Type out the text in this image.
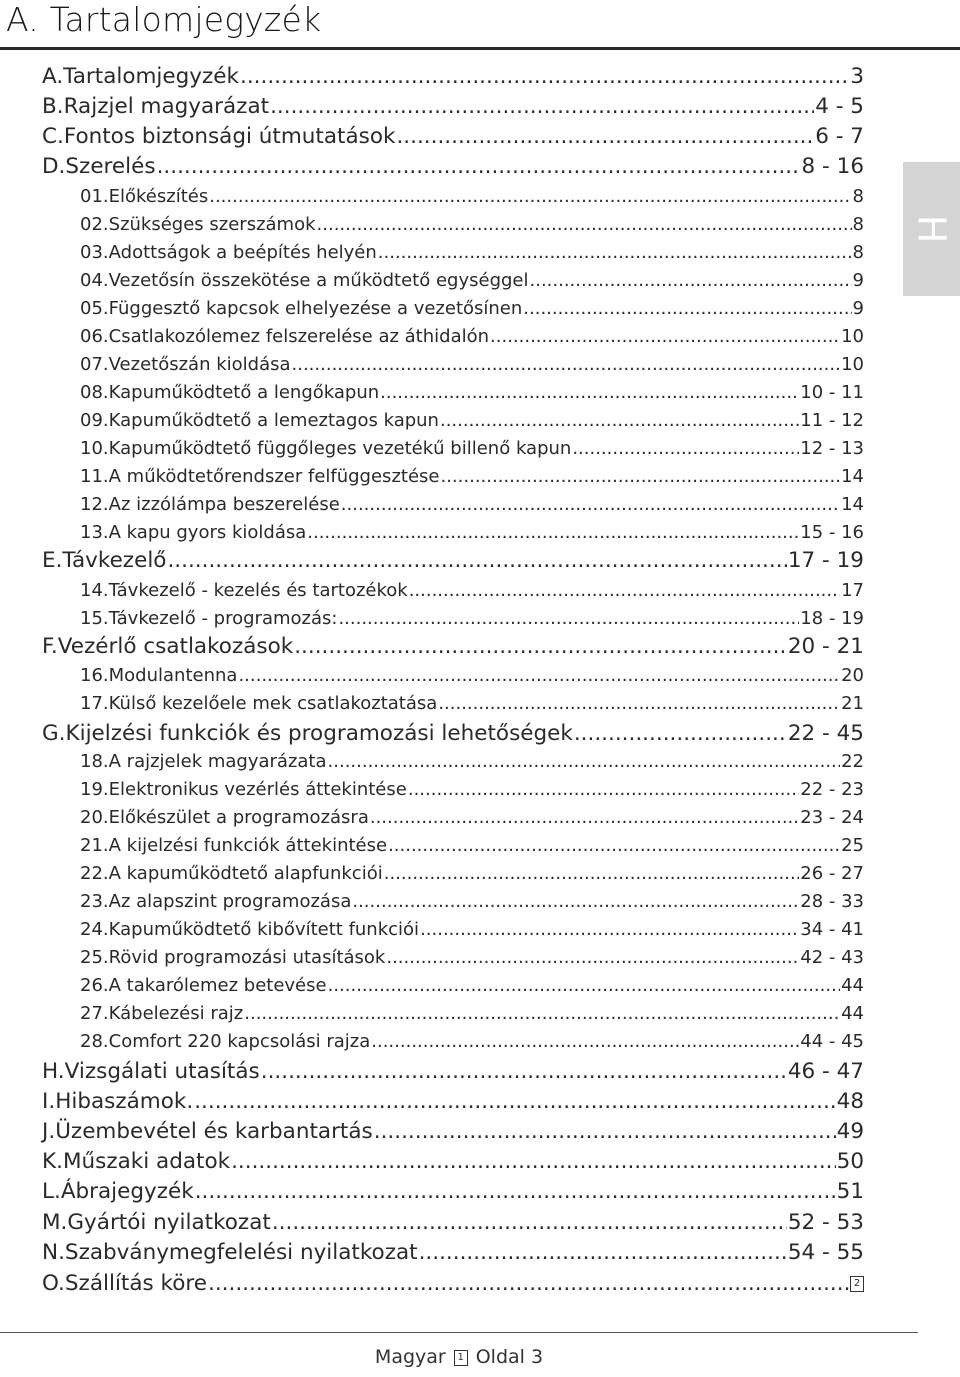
A. Tartalomjegyzék
H
A. Tartalomjegyzék .....	3
B. Rajzjel magyarázat .....	4 - 5
C. Fontos biztonsági útmutatások .....	6 - 7
D. Szerelés .....	8 - 16
01. Előkészítés .....	8
02. Szükséges szerszámok .....	8
03. Adottságok a beépítés helyén .....	8
04. Vezetősín összekötése a működtető egységgel .....	9
05. Függesztő kapcsok elhelyezése a vezetősínen .....	9
06. Csatlakozólemez felszerelése az áthidalón .....	10
07. Vezetőszán kioldása .....	10
08. Kapuműködtető a lengőkapun .....	10 - 11
09. Kapuműködtető a lemeztagos kapun .....	11 - 12
10. Kapuműködtető függőleges vezetékű billenő kapun .....	12 - 13
11. A működtetőrendszer felfüggesztése .....	14
12. Az izzólámpa beszerelése .....	14
13. A kapu gyors kioldása .....	15 - 16
E. Távkezelő .....	17 - 19
14. Távkezelő - kezelés és tartozékok .....	17
15. Távkezelő - programozás: .....	18 - 19
F. Vezérlő csatlakozások .....	20 - 21
16. Modulantenna .....	20
17. Külső kezelőele mek csatlakoztatása .....	21
G. Kijelzési funkciók és programozási lehetőségek .....	22 - 45
18. A rajzjelek magyarázata .....	22
19. Elektronikus vezérlés áttekintése .....	22 - 23
20. Előkészület a programozásra .....	23 - 24
21. A kijelzési funkciók áttekintése .....	25
22. A kapuműködtető alapfunkciói .....	26 - 27
23. Az alapszint programozása .....	28 - 33
24. Kapuműködtető kibővített funkciói .....	34 - 41
25. Rövid programozási utasítások .....	42 - 43
26. A takarólemez betevése .....	44
27. Kábelezési rajz .....	44
28. Comfort 220 kapcsolási rajza .....	44 - 45
H. Vizsgálati utasítás .....	46 - 47
I. Hibaszámok. .....	48
J. Üzembevétel és karbantartás .....	49
K. Műszaki adatok .....	50
L. Ábrajegyzék .....	51
M. Gyártói nyilatkozat .....	52 - 53
N. Szabványmegfelelési nyilatkozat .....	54 - 55
O. Szállítás köre .....	2
Magyar 1 Oldal 3
